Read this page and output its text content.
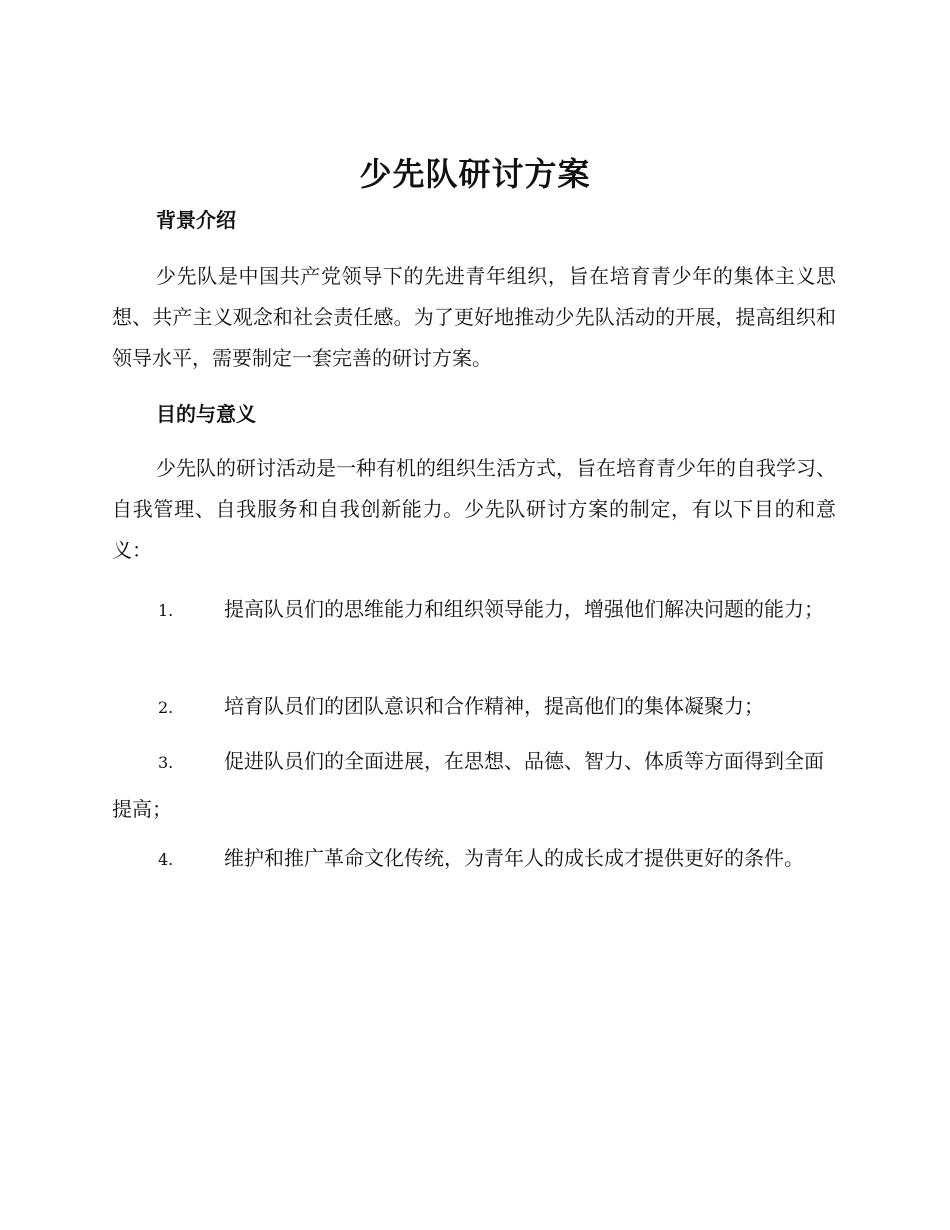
少先队研讨方案
背景介绍
少先队是中国共产党领导下的先进青年组织，旨在培育青少年的集体主义思想、共产主义观念和社会责任感。为了更好地推动少先队活动的开展，提高组织和领导水平，需要制定一套完善的研讨方案。
目的与意义
少先队的研讨活动是一种有机的组织生活方式，旨在培育青少年的自我学习、自我管理、自我服务和自我创新能力。少先队研讨方案的制定，有以下目的和意义：
1.	提高队员们的思维能力和组织领导能力，增强他们解决问题的能力；
2.	培育队员们的团队意识和合作精神，提高他们的集体凝聚力；
3.	促进队员们的全面进展，在思想、品德、智力、体质等方面得到全面提高；
4.	维护和推广革命文化传统，为青年人的成长成才提供更好的条件。
